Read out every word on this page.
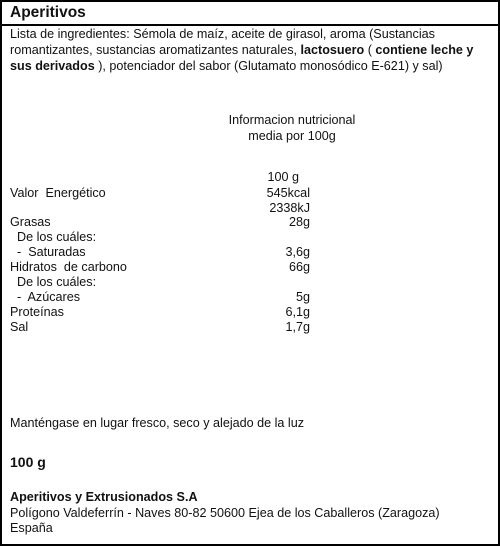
Aperitivos
Lista de ingredientes: Sémola de maíz, aceite de girasol, aroma (Sustancias romantizantes, sustancias aromatizantes naturales, lactosuero ( contiene leche y sus derivados ), potenciador del sabor (Glutamato monosódico E-621) y sal)
Informacion nutricional
media por 100g
100 g
Valor  Energético	545kcal
2338kJ
Grasas	28g
De los cuáles:
-  Saturadas	3,6g
Hidratos  de carbono	66g
De los cuáles:
-  Azúcares	5g
Proteínas	6,1g
Sal	1,7g
Manténgase en lugar fresco, seco y alejado de la luz
100 g
Aperitivos y Extrusionados S.A
Polígono Valdeferrín - Naves 80-82 50600 Ejea de los Caballeros (Zaragoza)
España
